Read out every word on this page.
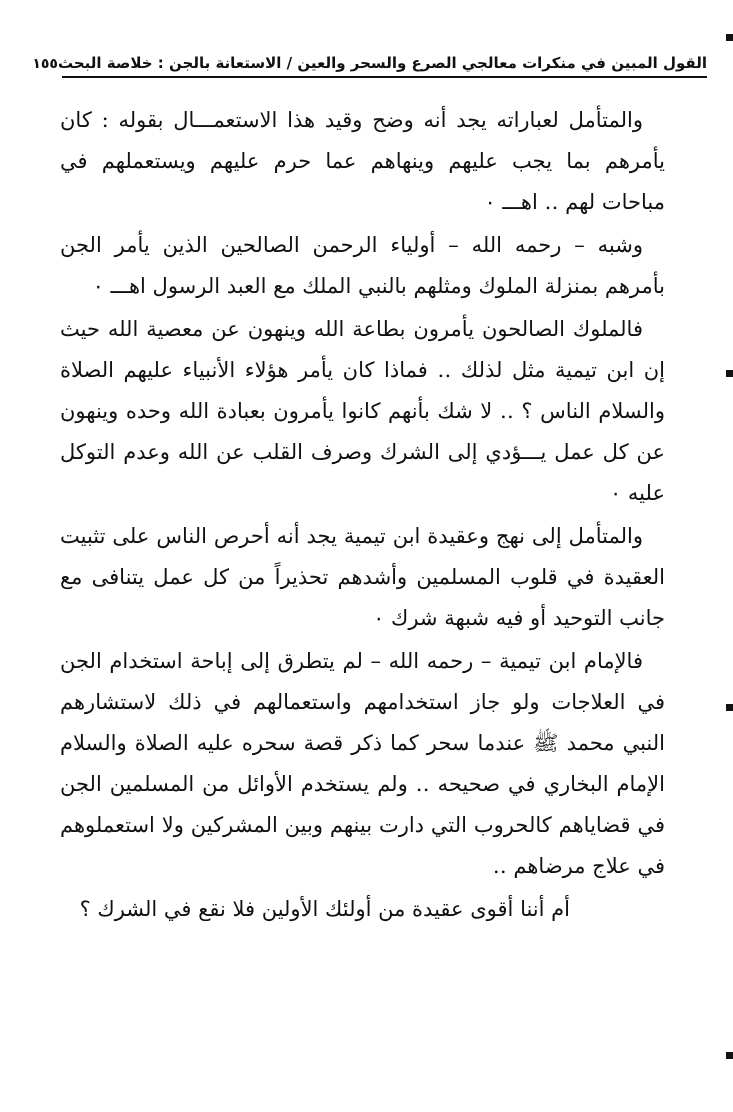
القول المبين في منكرات معالجي الصرع والسحر والعين / الاستعانة بالجن : خلاصة البحث
١٥٥

والمتأمل لعباراته يجد أنه وضح وقيد هذا الاستعمـــال بقوله : كان يأمرهم بما يجب عليهم وينهاهم عما حرم عليهم ويستعملهم في مباحات لهم ‥ اهـــ ٠

وشبه – رحمه الله – أولياء الرحمن الصالحين الذين يأمر الجن بأمرهم بمنزلة الملوك ومثلهم بالنبي الملك مع العبد الرسول اهـــ ٠

فالملوك الصالحون يأمرون بطاعة الله وينهون عن معصية الله حيث إن ابن تيمية مثل لذلك ‥ فماذا كان يأمر هؤلاء الأنبياء عليهم الصلاة والسلام الناس ؟ ‥ لا شك بأنهم كانوا يأمرون بعبادة الله وحده وينهون عن كل عمل يـــؤدي إلى الشرك وصرف القلب عن الله وعدم التوكل عليه ٠

والمتأمل إلى نهج وعقيدة ابن تيمية يجد أنه أحرص الناس على تثبيت العقيدة في قلوب المسلمين وأشدهم تحذيراً من كل عمل يتنافى مع جانب التوحيد أو فيه شبهة شرك ٠

فالإمام ابن تيمية – رحمه الله – لم يتطرق إلى إباحة استخدام الجن في العلاجات ولو جاز استخدامهم واستعمالهم في ذلك لاستشارهم النبي محمد ﷺ عندما سحر كما ذكر قصة سحره عليه الصلاة والسلام الإمام البخاري في صحيحه ‥ ولم يستخدم الأوائل من المسلمين الجن في قضاياهم كالحروب التي دارت بينهم وبين المشركين ولا استعملوهم في علاج مرضاهم ‥

أم أننا أقوى عقيدة من أولئك الأولين فلا نقع في الشرك ؟
